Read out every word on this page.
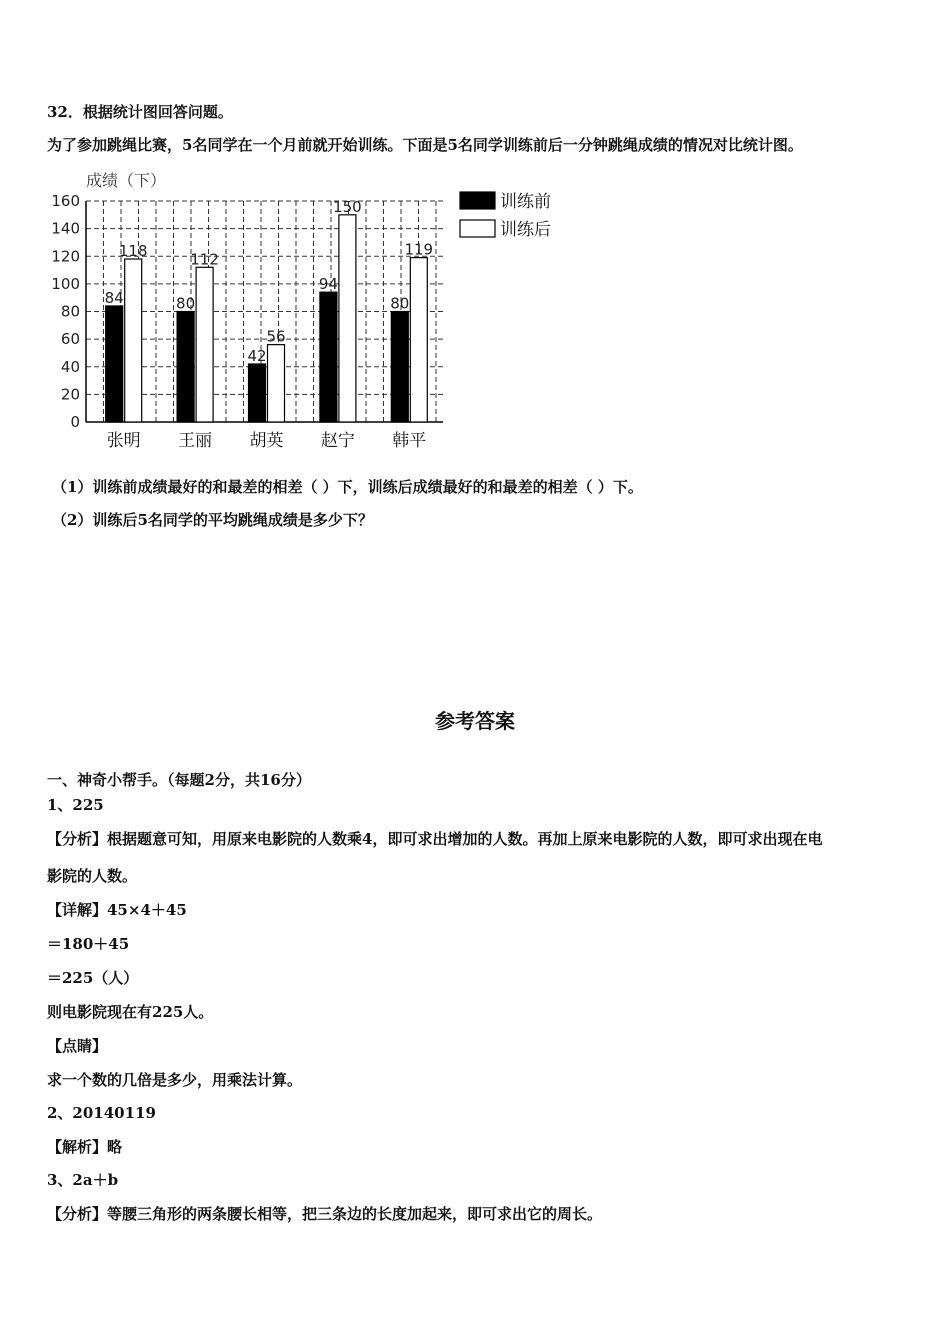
32．根据统计图回答问题。
为了参加跳绳比赛，5名同学在一个月前就开始训练。下面是5名同学训练前后一分钟跳绳成绩的情况对比统计图。
成绩（下）
0
20
40
60
80
100
120
140
160
84
118
80
112
42
56
94
150
80
119
张明 王丽 胡英 赵宁 韩平
训练前
训练后
（1）训练前成绩最好的和最差的相差（ ）下，训练后成绩最好的和最差的相差（ ）下。
（2）训练后5名同学的平均跳绳成绩是多少下？
参考答案
一、神奇小帮手。（每题2分，共16分）
1、225
【分析】根据题意可知，用原来电影院的人数乘4，即可求出增加的人数。再加上原来电影院的人数，即可求出现在电
影院的人数。
【详解】45×4＋45
＝180＋45
＝225（人）
则电影院现在有225人。
【点睛】
求一个数的几倍是多少，用乘法计算。
2、20140119
【解析】略
3、2a＋b
【分析】等腰三角形的两条腰长相等，把三条边的长度加起来，即可求出它的周长。
